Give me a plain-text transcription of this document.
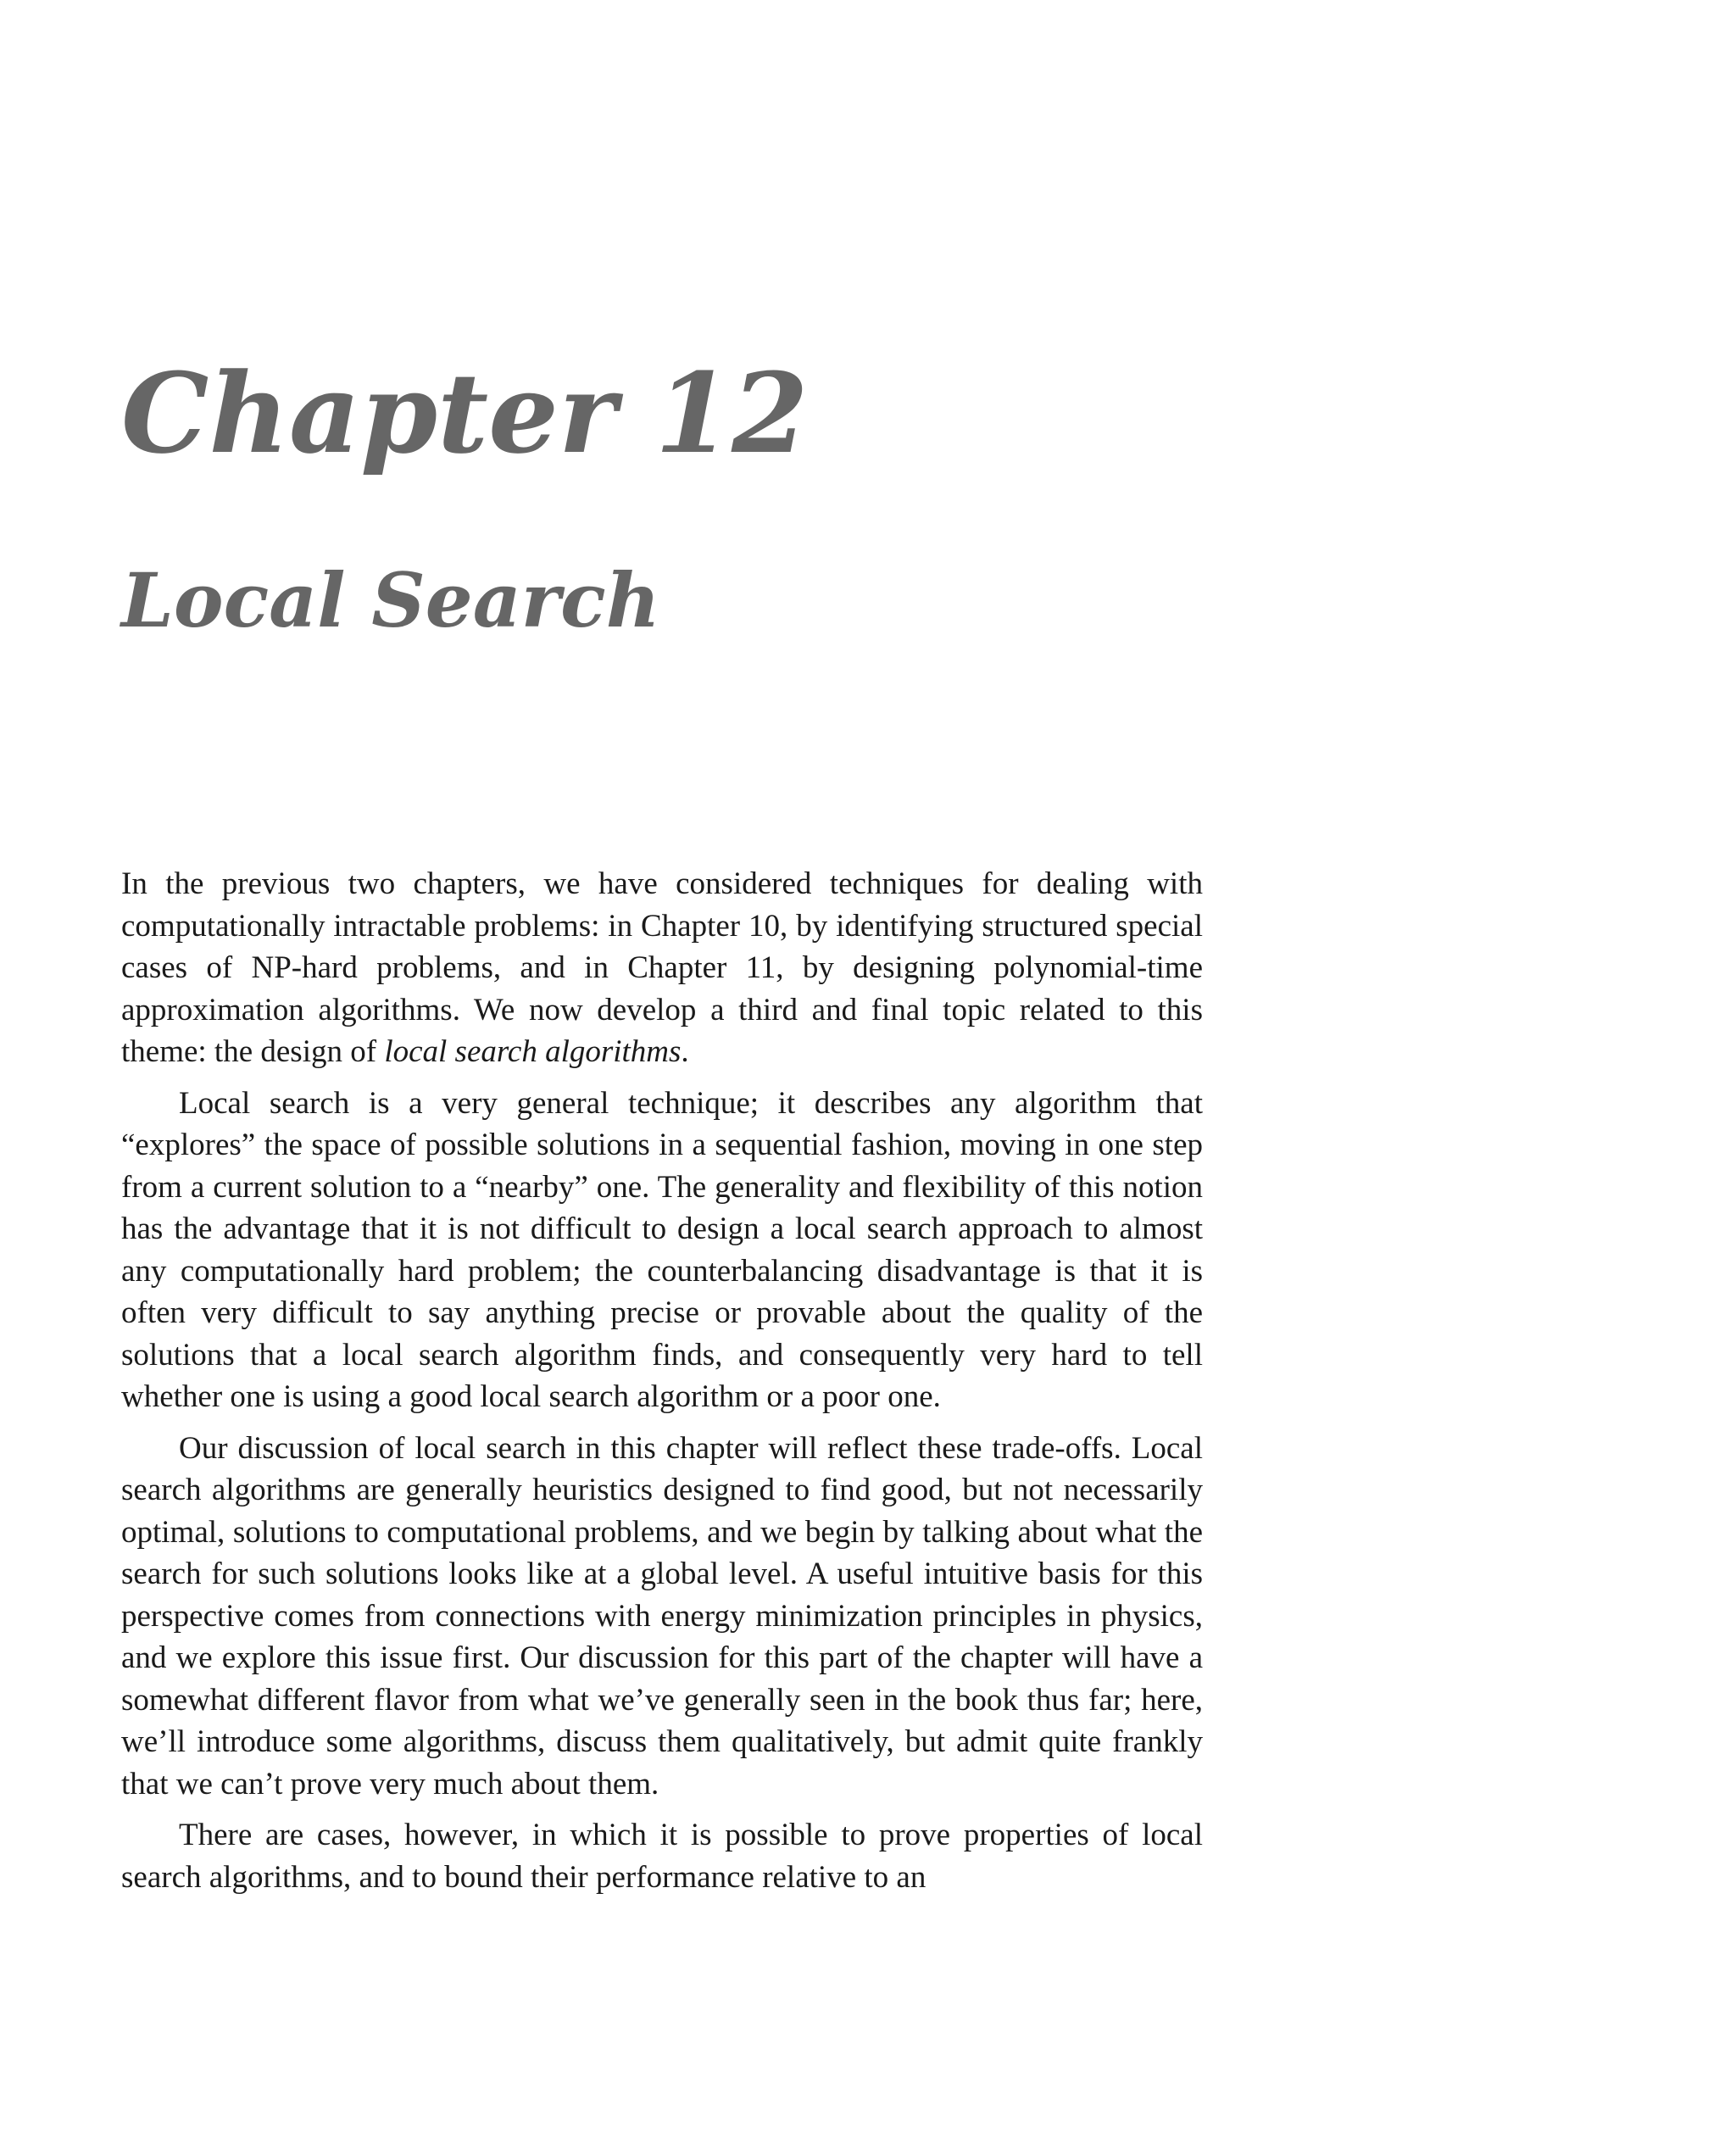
Chapter 12
Local Search

In the previous two chapters, we have considered techniques for dealing with computationally intractable problems: in Chapter 10, by identifying structured special cases of NP-hard problems, and in Chapter 11, by designing polynomial-time approximation algorithms. We now develop a third and final topic related to this theme: the design of local search algorithms.

Local search is a very general technique; it describes any algorithm that “explores” the space of possible solutions in a sequential fashion, moving in one step from a current solution to a “nearby” one. The generality and flexibility of this notion has the advantage that it is not difficult to design a local search approach to almost any computationally hard problem; the counterbalancing disadvantage is that it is often very difficult to say anything precise or provable about the quality of the solutions that a local search algorithm finds, and consequently very hard to tell whether one is using a good local search algorithm or a poor one.

Our discussion of local search in this chapter will reflect these trade-offs. Local search algorithms are generally heuristics designed to find good, but not necessarily optimal, solutions to computational problems, and we begin by talking about what the search for such solutions looks like at a global level. A useful intuitive basis for this perspective comes from connections with energy minimization principles in physics, and we explore this issue first. Our discussion for this part of the chapter will have a somewhat different flavor from what we’ve generally seen in the book thus far; here, we’ll introduce some algorithms, discuss them qualitatively, but admit quite frankly that we can’t prove very much about them.

There are cases, however, in which it is possible to prove properties of local search algorithms, and to bound their performance relative to an
